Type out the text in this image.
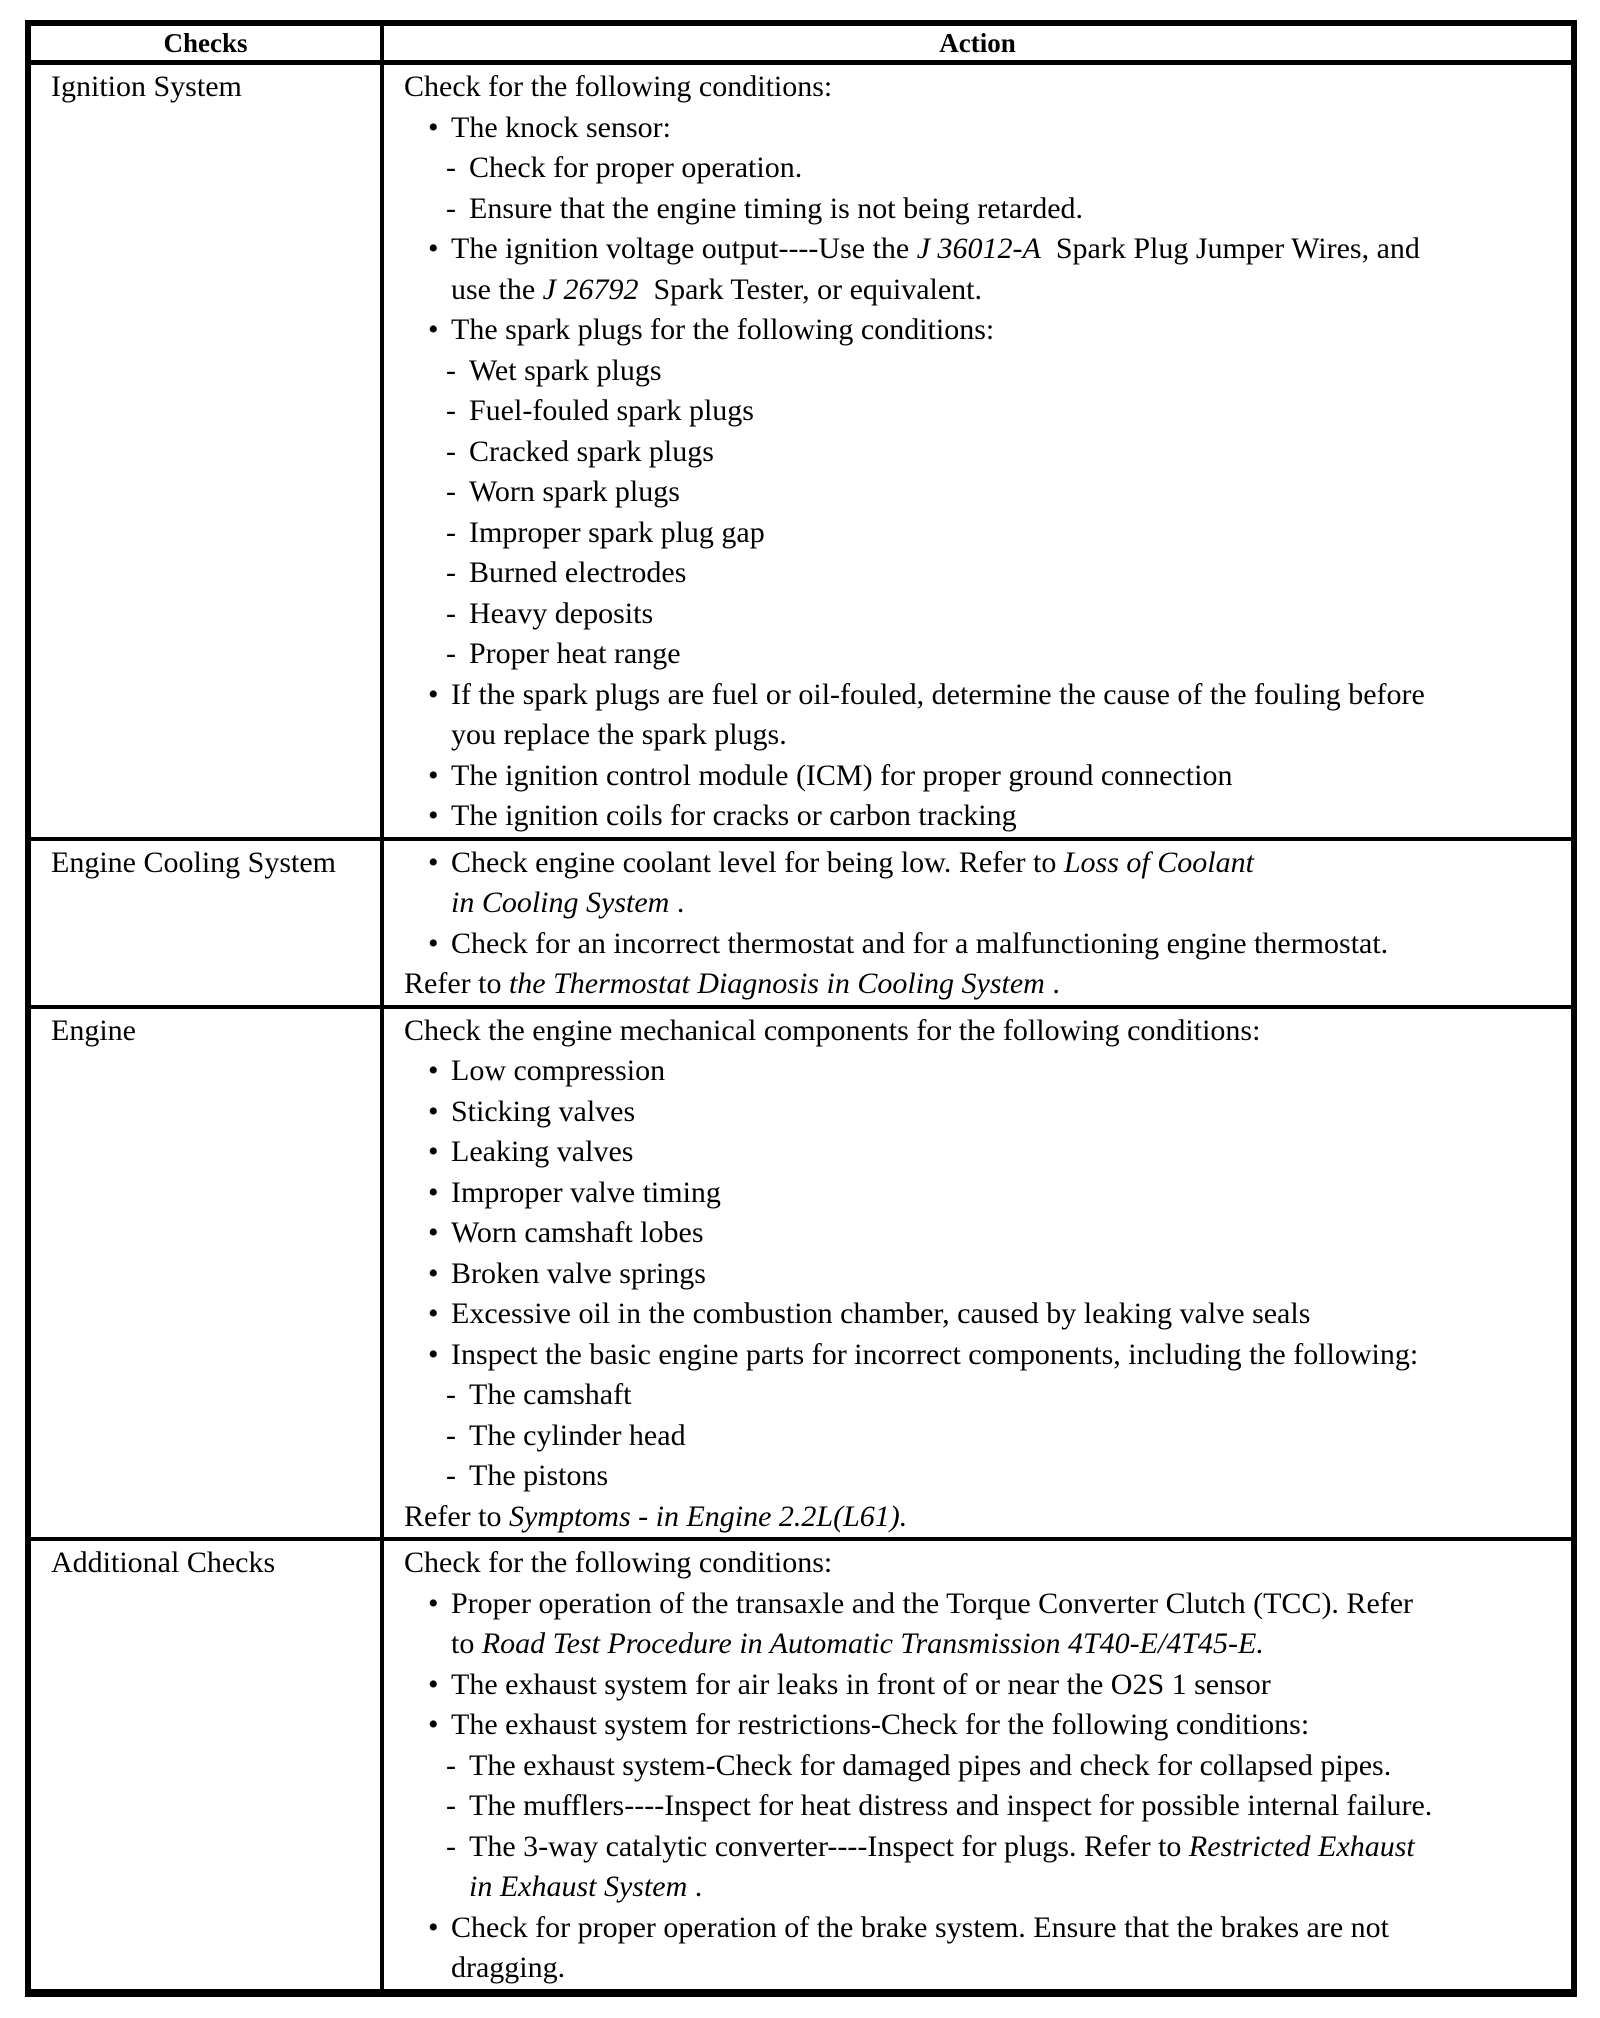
Checks	Action
Ignition System	Check for the following conditions:
• The knock sensor:
- Check for proper operation.
- Ensure that the engine timing is not being retarded.
• The ignition voltage output----Use the J 36012-A  Spark Plug Jumper Wires, and
use the J 26792  Spark Tester, or equivalent.
• The spark plugs for the following conditions:
- Wet spark plugs
- Fuel-fouled spark plugs
- Cracked spark plugs
- Worn spark plugs
- Improper spark plug gap
- Burned electrodes
- Heavy deposits
- Proper heat range
• If the spark plugs are fuel or oil-fouled, determine the cause of the fouling before
you replace the spark plugs.
• The ignition control module (ICM) for proper ground connection
• The ignition coils for cracks or carbon tracking
Engine Cooling System	• Check engine coolant level for being low. Refer to Loss of Coolant
in Cooling System .
• Check for an incorrect thermostat and for a malfunctioning engine thermostat.
Refer to the Thermostat Diagnosis in Cooling System .
Engine	Check the engine mechanical components for the following conditions:
• Low compression
• Sticking valves
• Leaking valves
• Improper valve timing
• Worn camshaft lobes
• Broken valve springs
• Excessive oil in the combustion chamber, caused by leaking valve seals
• Inspect the basic engine parts for incorrect components, including the following:
- The camshaft
- The cylinder head
- The pistons
Refer to Symptoms - in Engine 2.2L(L61).
Additional Checks	Check for the following conditions:
• Proper operation of the transaxle and the Torque Converter Clutch (TCC). Refer
to Road Test Procedure in Automatic Transmission 4T40-E/4T45-E.
• The exhaust system for air leaks in front of or near the O2S 1 sensor
• The exhaust system for restrictions-Check for the following conditions:
- The exhaust system-Check for damaged pipes and check for collapsed pipes.
- The mufflers----Inspect for heat distress and inspect for possible internal failure.
- The 3-way catalytic converter----Inspect for plugs. Refer to Restricted Exhaust
in Exhaust System .
• Check for proper operation of the brake system. Ensure that the brakes are not
dragging.
